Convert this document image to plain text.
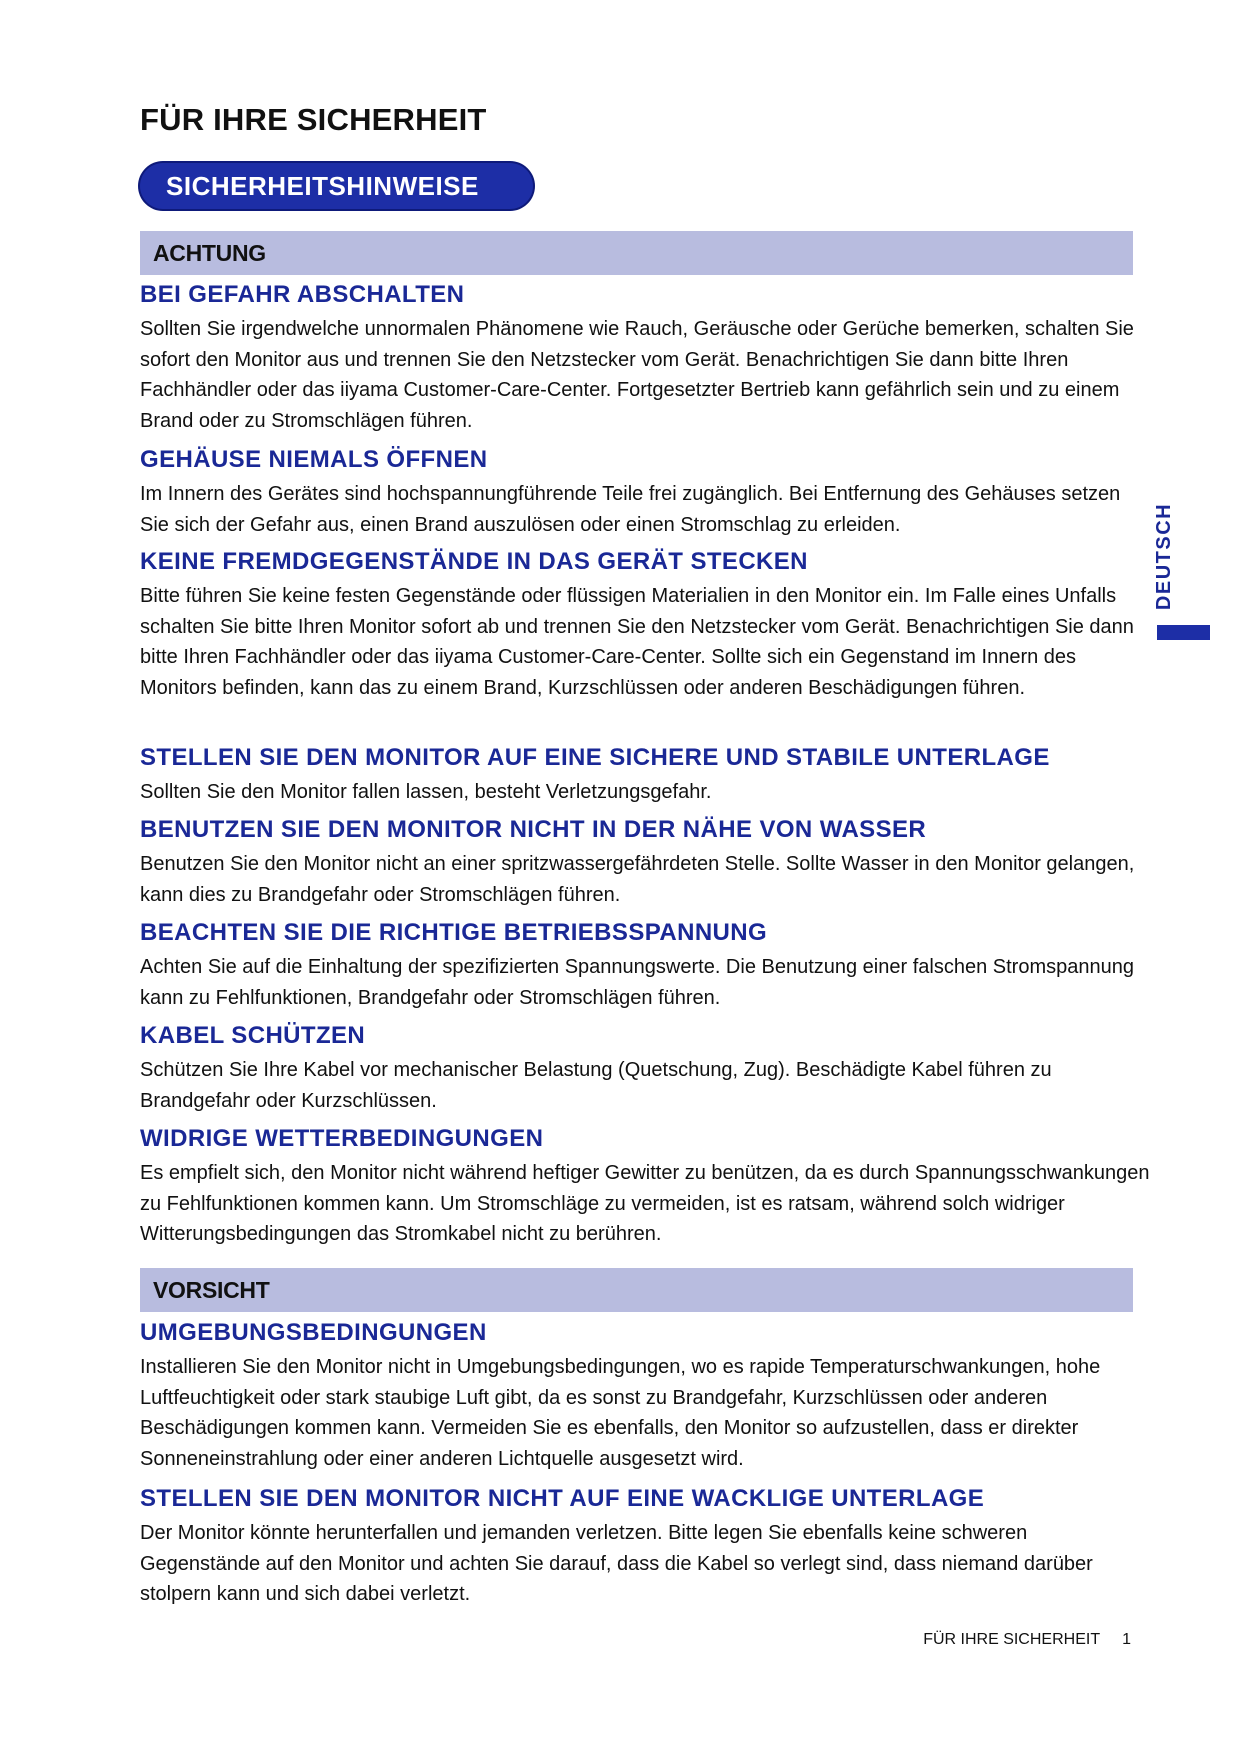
FÜR IHRE SICHERHEIT
SICHERHEITSHINWEISE
ACHTUNG
BEI GEFAHR ABSCHALTEN

Sollten Sie irgendwelche unnormalen Phänomene wie Rauch, Geräusche oder Gerüche bemerken, schalten Sie sofort den Monitor aus und trennen Sie den Netzstecker vom Gerät. Benachrichtigen Sie dann bitte Ihren Fachhändler oder das iiyama Customer-Care-Center. Fortgesetzter Bertrieb kann gefährlich sein und zu einem Brand oder zu Stromschlägen führen.

GEHÄUSE NIEMALS ÖFFNEN

Im Innern des Gerätes sind hochspannungführende Teile frei zugänglich. Bei Entfernung des Gehäuses setzen Sie sich der Gefahr aus, einen Brand auszulösen oder einen Stromschlag zu erleiden.

KEINE FREMDGEGENSTÄNDE IN DAS GERÄT STECKEN

Bitte führen Sie keine festen Gegenstände oder flüssigen Materialien in den Monitor ein. Im Falle eines Unfalls schalten Sie bitte Ihren Monitor sofort ab und trennen Sie den Netzstecker vom Gerät. Benachrichtigen Sie dann bitte Ihren Fachhändler oder das iiyama Customer-Care-Center. Sollte sich ein Gegenstand im Innern des Monitors befinden, kann das zu einem Brand, Kurzschlüssen oder anderen Beschädigungen führen.

STELLEN SIE DEN MONITOR AUF EINE SICHERE UND STABILE UNTERLAGE

Sollten Sie den Monitor fallen lassen, besteht Verletzungsgefahr.

BENUTZEN SIE DEN MONITOR NICHT IN DER NÄHE VON WASSER

Benutzen Sie den Monitor nicht an einer spritzwassergefährdeten Stelle. Sollte Wasser in den Monitor gelangen, kann dies zu Brandgefahr oder Stromschlägen führen.

BEACHTEN SIE DIE RICHTIGE BETRIEBSSPANNUNG

Achten Sie auf die Einhaltung der spezifizierten Spannungswerte. Die Benutzung einer falschen Stromspannung kann zu Fehlfunktionen, Brandgefahr oder Stromschlägen führen.

KABEL SCHÜTZEN

Schützen Sie Ihre Kabel vor mechanischer Belastung (Quetschung, Zug). Beschädigte Kabel führen zu Brandgefahr oder Kurzschlüssen.

WIDRIGE WETTERBEDINGUNGEN

Es empfielt sich, den Monitor nicht während heftiger Gewitter zu benützen, da es durch Spannungsschwankungen zu Fehlfunktionen kommen kann. Um Stromschläge zu vermeiden, ist es ratsam, während solch widriger Witterungsbedingungen das Stromkabel nicht zu berühren.

VORSICHT
UMGEBUNGSBEDINGUNGEN

Installieren Sie den Monitor nicht in Umgebungsbedingungen, wo es rapide Temperaturschwankungen, hohe Luftfeuchtigkeit oder stark staubige Luft gibt, da es sonst zu Brandgefahr, Kurzschlüssen oder anderen Beschädigungen kommen kann. Vermeiden Sie es ebenfalls, den Monitor so aufzustellen, dass er direkter Sonneneinstrahlung oder einer anderen Lichtquelle ausgesetzt wird.

STELLEN SIE DEN MONITOR NICHT AUF EINE WACKLIGE UNTERLAGE

Der Monitor könnte herunterfallen und jemanden verletzen. Bitte legen Sie ebenfalls keine schweren Gegenstände auf den Monitor und achten Sie darauf, dass die Kabel so verlegt sind, dass niemand darüber stolpern kann und sich dabei verletzt.

DEUTSCH
FÜR IHRE SICHERHEIT 1
